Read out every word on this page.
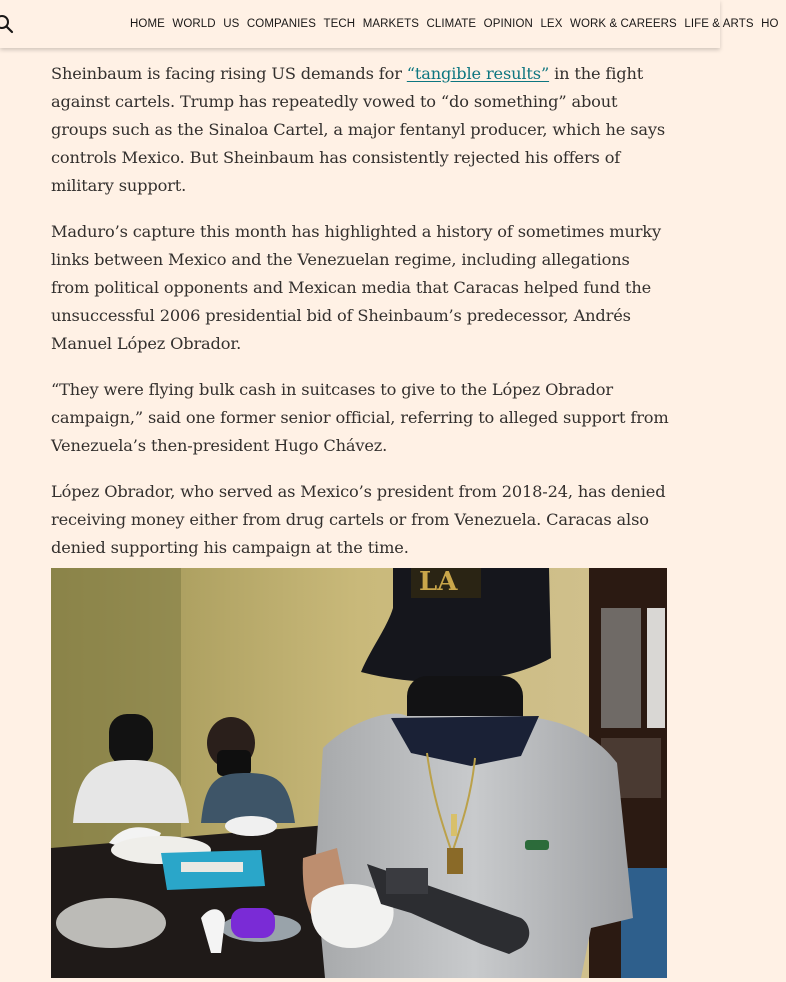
HOME WORLD US COMPANIES TECH MARKETS CLIMATE OPINION LEX WORK & CAREERS LIFE & ARTS HO

Sheinbaum is facing rising US demands for “tangible results” in the fight against cartels. Trump has repeatedly vowed to “do something” about groups such as the Sinaloa Cartel, a major fentanyl producer, which he says controls Mexico. But Sheinbaum has consistently rejected his offers of military support.

Maduro’s capture this month has highlighted a history of sometimes murky links between Mexico and the Venezuelan regime, including allegations from political opponents and Mexican media that Caracas helped fund the unsuccessful 2006 presidential bid of Sheinbaum’s predecessor, Andrés Manuel López Obrador.

“They were flying bulk cash in suitcases to give to the López Obrador campaign,” said one former senior official, referring to alleged support from Venezuela’s then-president Hugo Chávez.

López Obrador, who served as Mexico’s president from 2018-24, has denied receiving money either from drug cartels or from Venezuela. Caracas also denied supporting his campaign at the time.

LA
